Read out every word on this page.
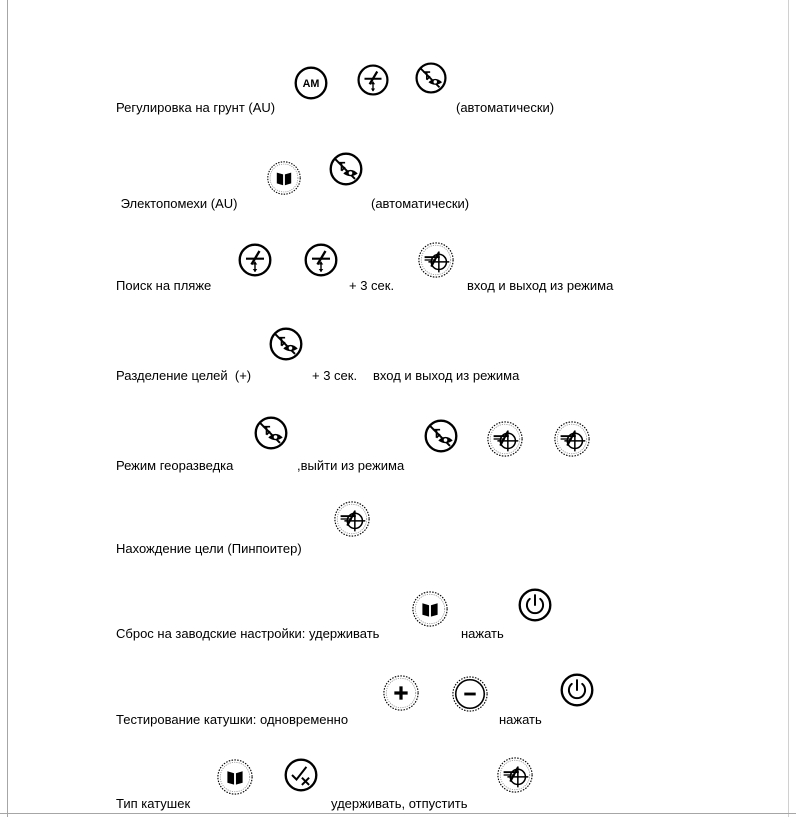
Регулировка на грунт (AU)	(автоматически)
AM
Электопомехи (AU)	(автоматически)
Поиск на пляже	+ 3 сек.	вход и выход из режима
Разделение целей  (+)	+ 3 сек. вход и выход из режима
Режим георазведка	,выйти из режима
Нахождение цели (Пинпоитер)
Сброс на заводские настройки: удерживать	нажать
Тестирование катушки: одновременно	нажать
Тип катушек	удерживать, отпустить
